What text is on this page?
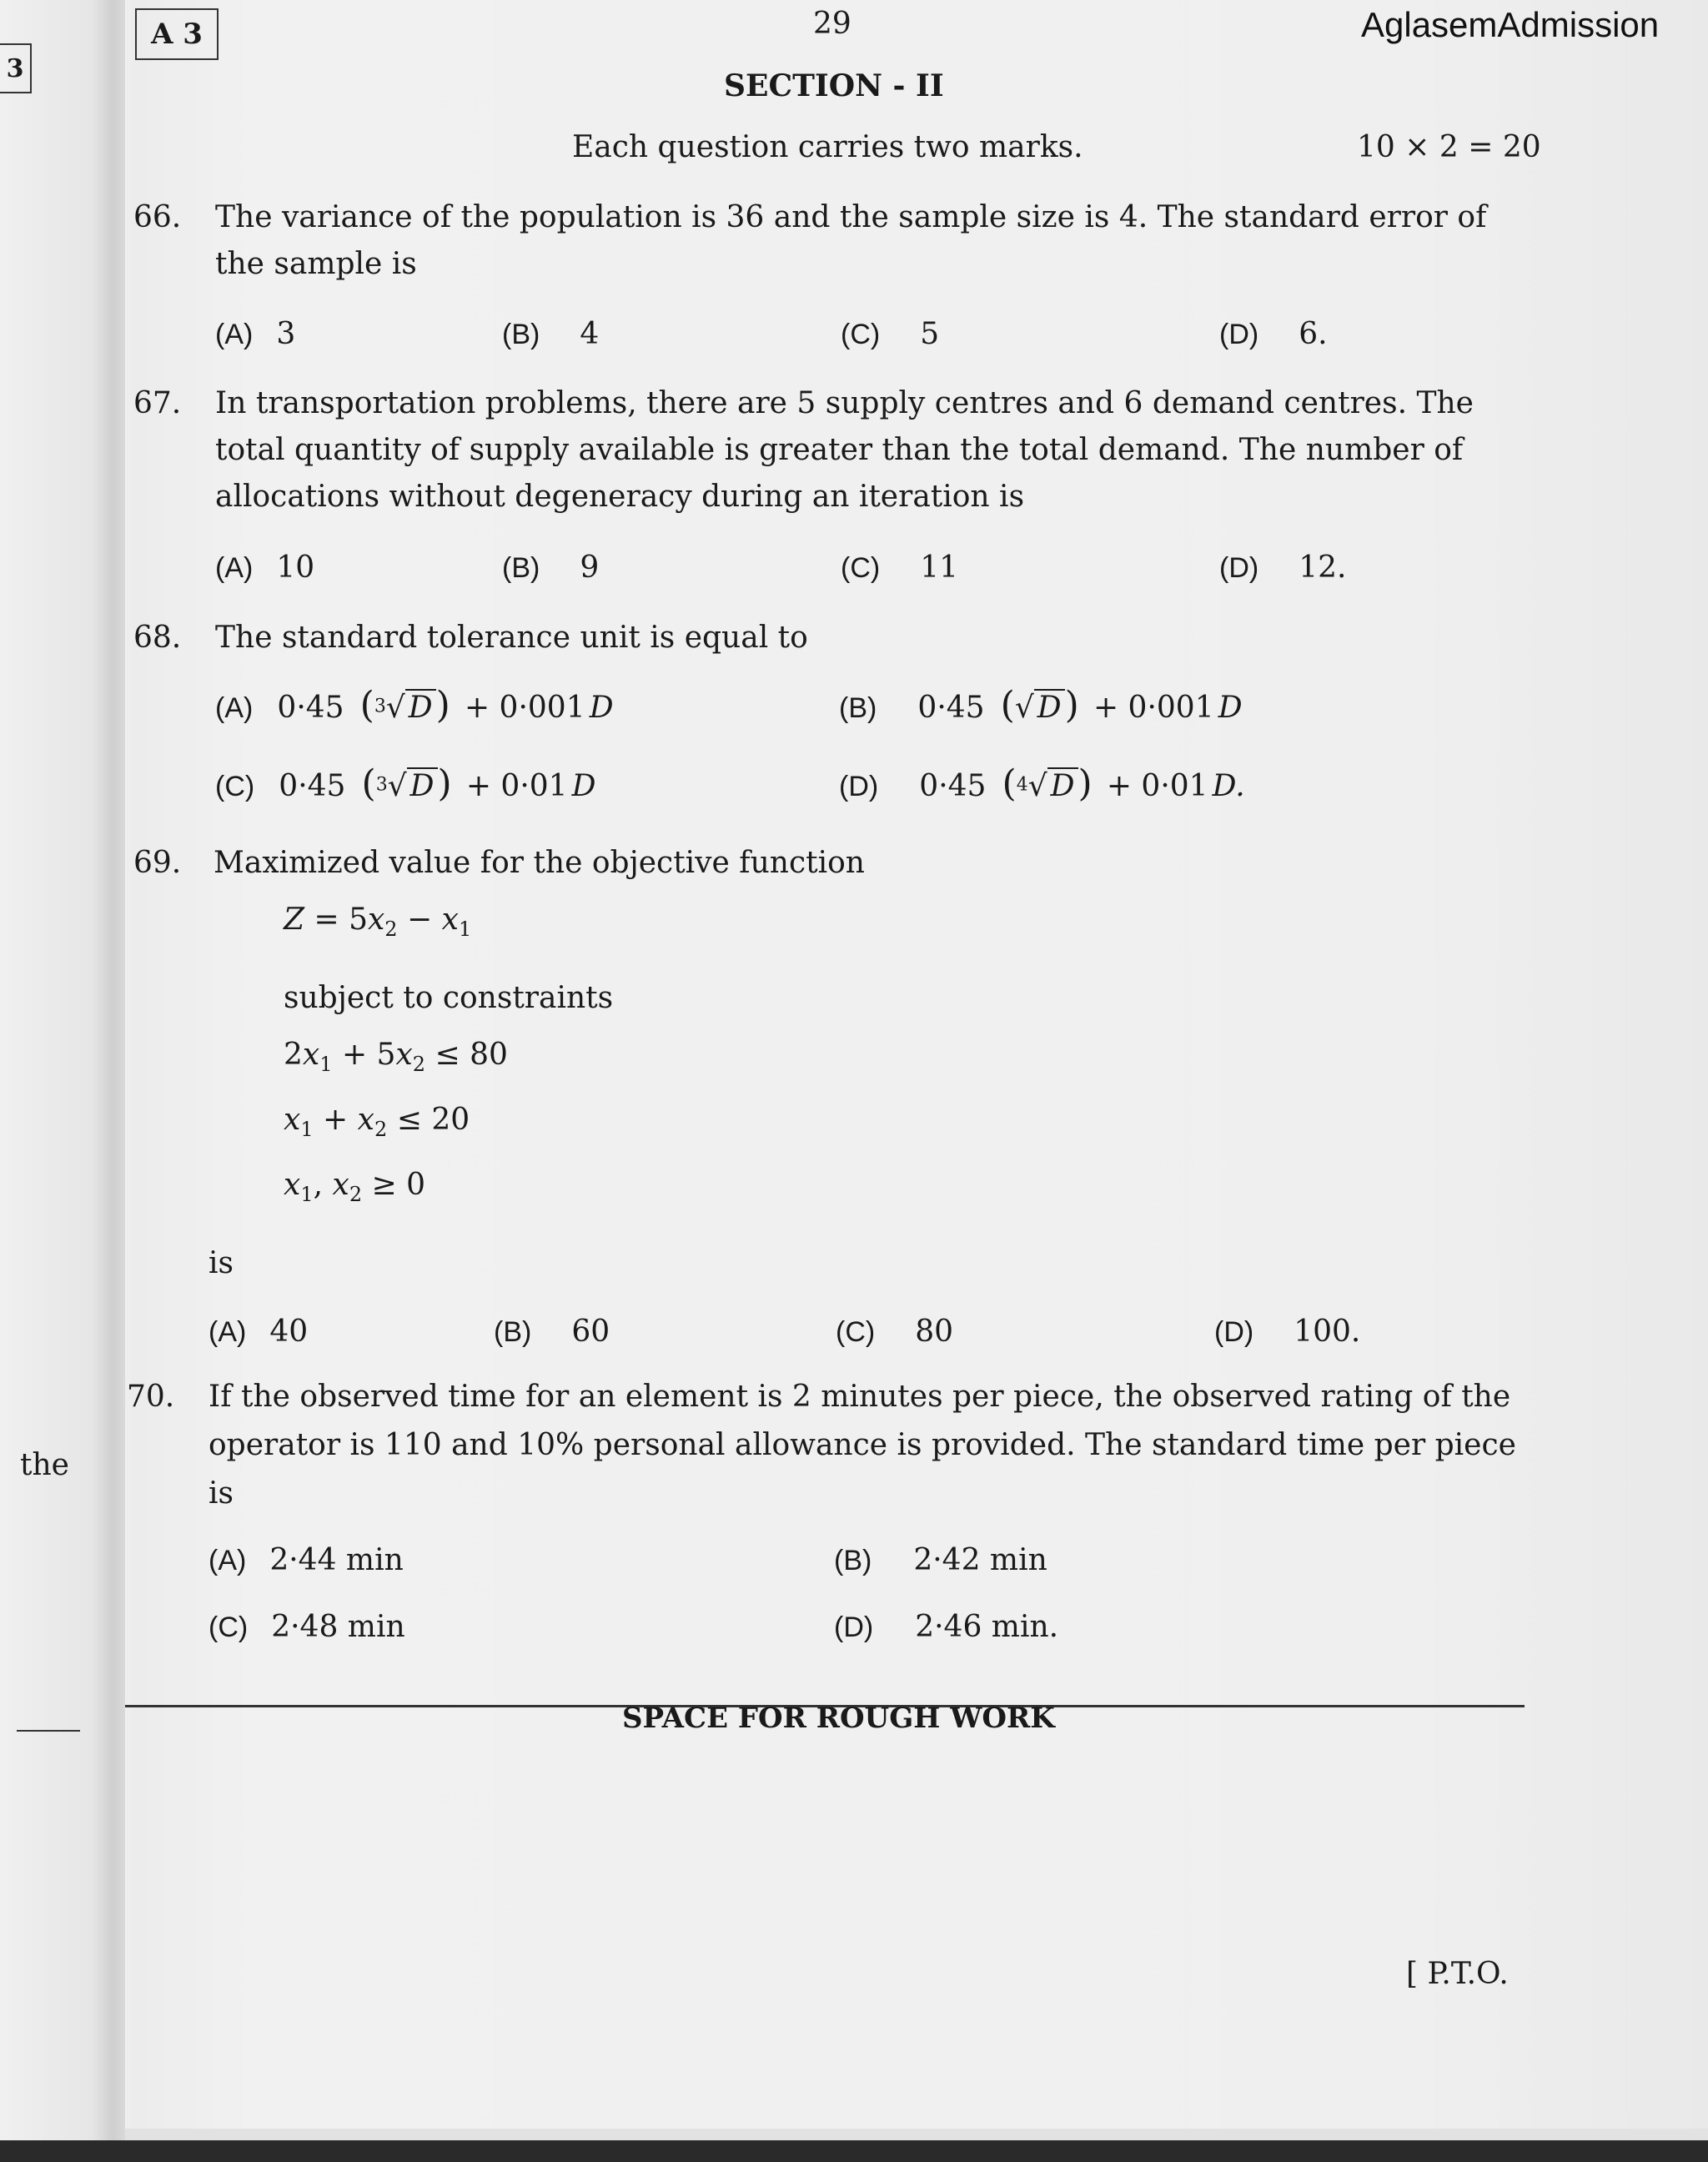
3
A 3	29	AglasemAdmission
SECTION - II
Each question carries two marks.	10 × 2 = 20
66. The variance of the population is 36 and the sample size is 4. The standard error of
the sample is
(A) 3	(B) 4	(C) 5	(D) 6.
67. In transportation problems, there are 5 supply centres and 6 demand centres. The
total quantity of supply available is greater than the total demand. The number of
allocations without degeneracy during an iteration is
(A) 10	(B) 9	(C) 11	(D) 12.
68. The standard tolerance unit is equal to
(A) 0·45 ($^3$√ D) + 0·001 D	(B) 0·45 (√ D) + 0·001 D
(C) 0·45 ($^3$√ D) + 0·01 D	(D) 0·45 ($^4$√ D) + 0·01 D.
69. Maximized value for the objective function
$Z = 5x_2 - x_1$
subject to constraints
$2x_1 + 5x_2 \le 80$
$x_1 + x_2 \le 20$
$x_1$, $x_2 \ge 0$
is
(A) 40	(B) 60	(C) 80	(D) 100.
70. If the observed time for an element is 2 minutes per piece, the observed rating of the
operator is 110 and 10% personal allowance is provided. The standard time per piece
is
(A) 2·44 min	(B) 2·42 min
(C) 2·48 min	(D) 2·46 min.
the
SPACE FOR ROUGH WORK
[ P.T.O.
